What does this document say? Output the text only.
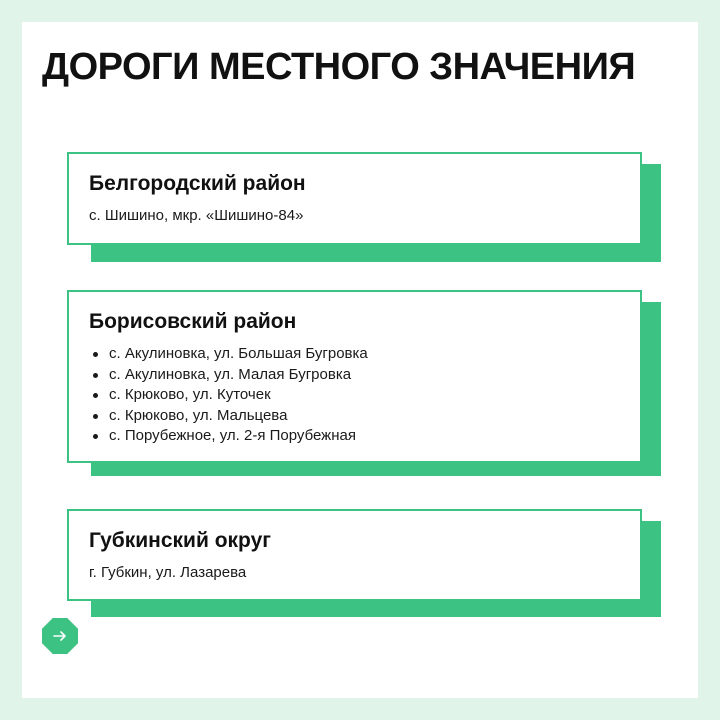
ДОРОГИ МЕСТНОГО ЗНАЧЕНИЯ
Белгородский район
с. Шишино, мкр. «Шишино-84»
Борисовский район
с. Акулиновка, ул. Большая Бугровка
с. Акулиновка, ул. Малая Бугровка
с. Крюково, ул. Куточек
с. Крюково, ул. Мальцева
с. Порубежное, ул. 2-я Порубежная
Губкинский округ
г. Губкин, ул. Лазарева
